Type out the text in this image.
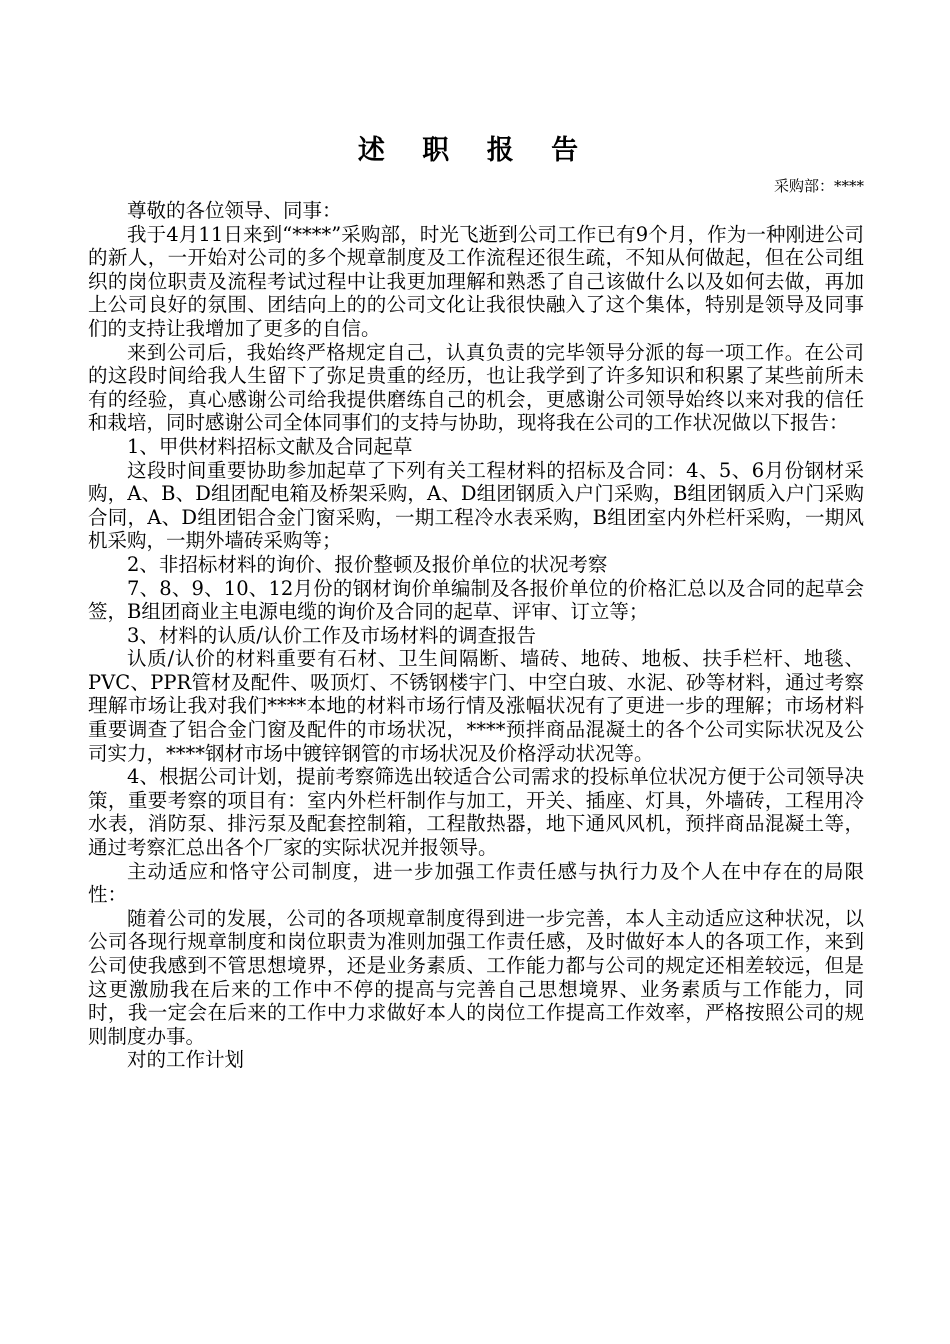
述 职 报 告
采购部：****

尊敬的各位领导、同事：

我于4月11日来到“****”采购部，时光飞逝到公司工作已有9个月，作为一种刚进公司的新人，一开始对公司的多个规章制度及工作流程还很生疏，不知从何做起，但在公司组织的岗位职责及流程考试过程中让我更加理解和熟悉了自己该做什么以及如何去做，再加上公司良好的氛围、团结向上的的公司文化让我很快融入了这个集体，特别是领导及同事们的支持让我增加了更多的自信。

来到公司后，我始终严格规定自己，认真负责的完毕领导分派的每一项工作。在公司的这段时间给我人生留下了弥足贵重的经历，也让我学到了许多知识和积累了某些前所未有的经验，真心感谢公司给我提供磨练自己的机会，更感谢公司领导始终以来对我的信任和栽培，同时感谢公司全体同事们的支持与协助，现将我在公司的工作状况做以下报告：

1、甲供材料招标文献及合同起草

这段时间重要协助参加起草了下列有关工程材料的招标及合同：4、5、6月份钢材采购，A、B、D组团配电箱及桥架采购，A、D组团钢质入户门采购，B组团钢质入户门采购合同，A、D组团铝合金门窗采购，一期工程冷水表采购，B组团室内外栏杆采购，一期风机采购，一期外墙砖采购等；

2、非招标材料的询价、报价整顿及报价单位的状况考察

7、8、9、10、12月份的钢材询价单编制及各报价单位的价格汇总以及合同的起草会签，B组团商业主电源电缆的询价及合同的起草、评审、订立等；

3、材料的认质/认价工作及市场材料的调查报告

认质/认价的材料重要有石材、卫生间隔断、墙砖、地砖、地板、扶手栏杆、地毯、PVC、PPR管材及配件、吸顶灯、不锈钢楼宇门、中空白玻、水泥、砂等材料，通过考察理解市场让我对我们****本地的材料市场行情及涨幅状况有了更进一步的理解；市场材料重要调查了铝合金门窗及配件的市场状况，****预拌商品混凝土的各个公司实际状况及公司实力，****钢材市场中镀锌钢管的市场状况及价格浮动状况等。

4、根据公司计划，提前考察筛选出较适合公司需求的投标单位状况方便于公司领导决策，重要考察的项目有：室内外栏杆制作与加工，开关、插座、灯具，外墙砖，工程用冷水表，消防泵、排污泵及配套控制箱，工程散热器，地下通风风机，预拌商品混凝土等，通过考察汇总出各个厂家的实际状况并报领导。

主动适应和恪守公司制度，进一步加强工作责任感与执行力及个人在中存在的局限性：

随着公司的发展，公司的各项规章制度得到进一步完善，本人主动适应这种状况，以公司各现行规章制度和岗位职责为准则加强工作责任感，及时做好本人的各项工作，来到公司使我感到不管思想境界，还是业务素质、工作能力都与公司的规定还相差较远，但是这更激励我在后来的工作中不停的提高与完善自己思想境界、业务素质与工作能力，同时，我一定会在后来的工作中力求做好本人的岗位工作提高工作效率，严格按照公司的规则制度办事。

对的工作计划
